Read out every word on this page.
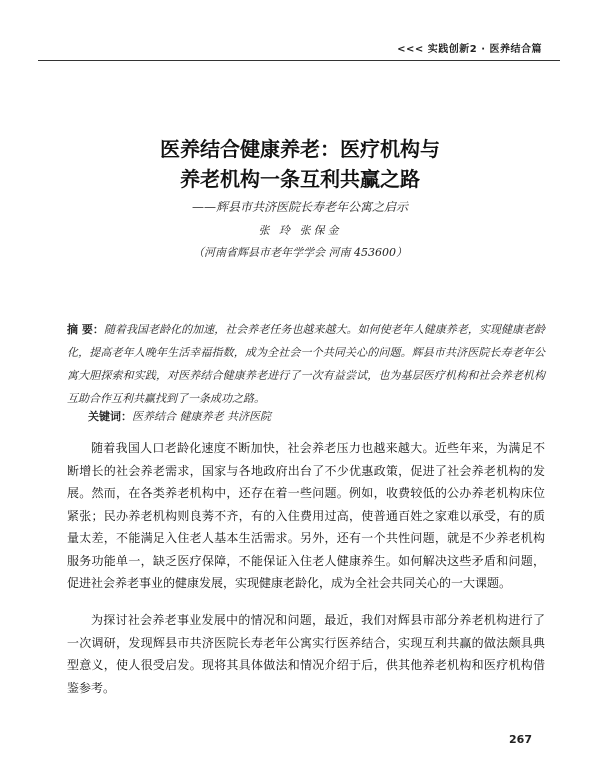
<<< 实践创新2 · 医养结合篇
医养结合健康养老：医疗机构与
养老机构一条互利共赢之路
——辉县市共济医院长寿老年公寓之启示
张 玲 张保金
（河南省辉县市老年学学会 河南 453600）
摘 要：随着我国老龄化的加速，社会养老任务也越来越大。如何使老年人健康养老，实现健康老龄化，提高老年人晚年生活幸福指数，成为全社会一个共同关心的问题。辉县市共济医院长寿老年公寓大胆探索和实践，对医养结合健康养老进行了一次有益尝试，也为基层医疗机构和社会养老机构互助合作互利共赢找到了一条成功之路。
关键词：医养结合 健康养老 共济医院
随着我国人口老龄化速度不断加快，社会养老压力也越来越大。近些年来，为满足不断增长的社会养老需求，国家与各地政府出台了不少优惠政策，促进了社会养老机构的发展。然而，在各类养老机构中，还存在着一些问题。例如，收费较低的公办养老机构床位紧张；民办养老机构则良莠不齐，有的入住费用过高，使普通百姓之家难以承受，有的质量太差，不能满足入住老人基本生活需求。另外，还有一个共性问题，就是不少养老机构服务功能单一，缺乏医疗保障，不能保证入住老人健康养生。如何解决这些矛盾和问题，促进社会养老事业的健康发展，实现健康老龄化，成为全社会共同关心的一大课题。
为探讨社会养老事业发展中的情况和问题，最近，我们对辉县市部分养老机构进行了一次调研，发现辉县市共济医院长寿老年公寓实行医养结合，实现互利共赢的做法颇具典型意义，使人很受启发。现将其具体做法和情况介绍于后，供其他养老机构和医疗机构借鉴参考。
267
